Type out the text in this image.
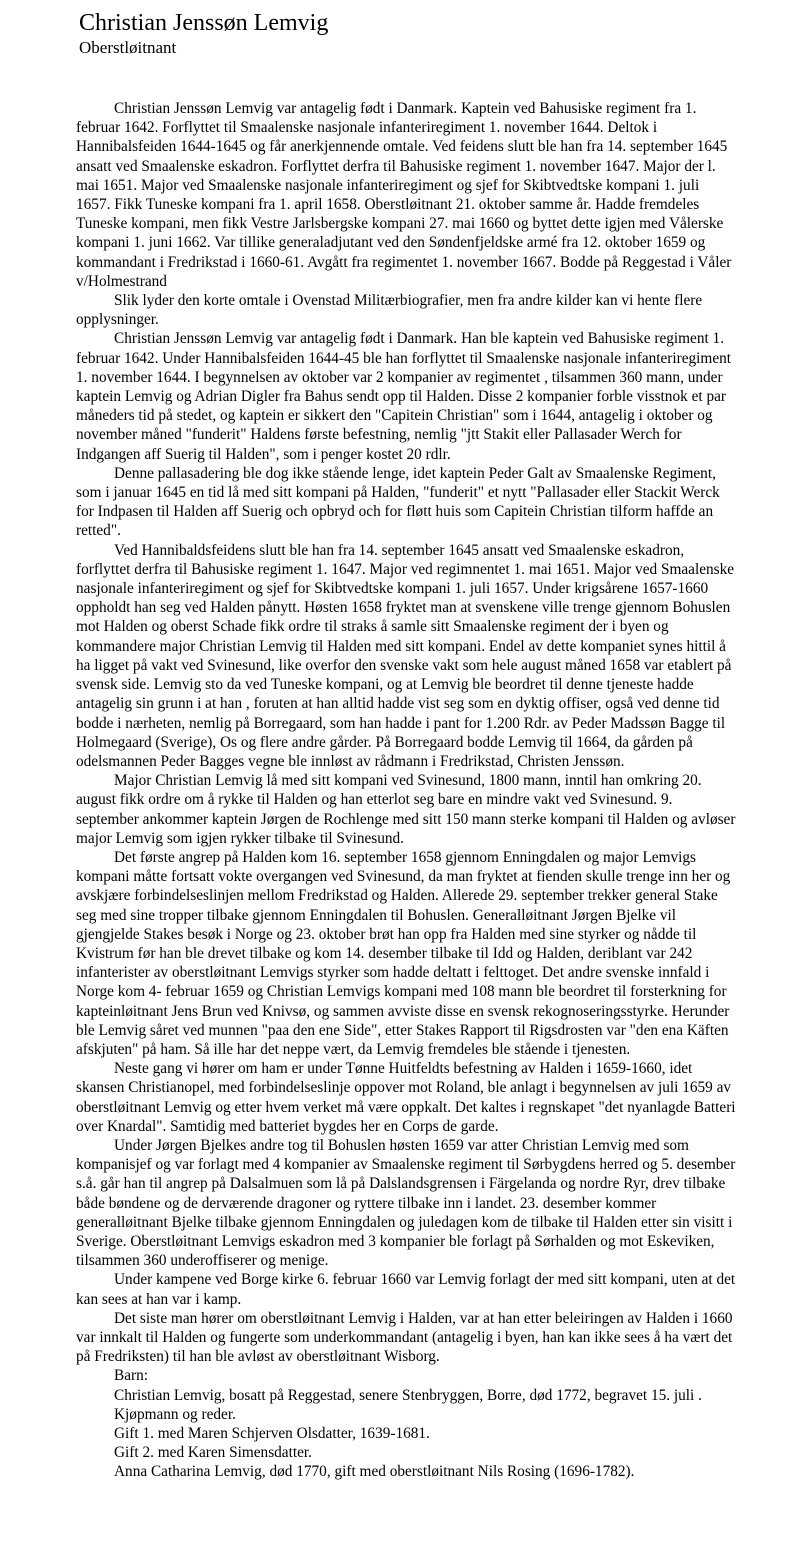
Christian Jenssøn Lemvig
Oberstløitnant

Christian Jenssøn Lemvig var antagelig født i Danmark. Kaptein ved Bahusiske regiment fra 1. februar 1642. Forflyttet til Smaalenske nasjonale infanteriregiment 1. november 1644. Deltok i Hannibalsfeiden 1644-1645 og får anerkjennende omtale. Ved feidens slutt ble han fra 14. september 1645 ansatt ved Smaalenske eskadron. Forflyttet derfra til Bahusiske regiment 1. november 1647. Major der l. mai 1651. Major ved Smaalenske nasjonale infanteriregiment og sjef for Skibtvedtske kompani 1. juli 1657. Fikk Tuneske kompani fra 1. april 1658. Oberstløitnant 21. oktober samme år. Hadde fremdeles Tuneske kompani, men fikk Vestre Jarlsbergske kompani 27. mai 1660 og byttet dette igjen med Vålerske kompani 1. juni 1662. Var tillike generaladjutant ved den Søndenfjeldske armé fra 12. oktober 1659 og kommandant i Fredrikstad i 1660-61. Avgått fra regimentet 1. november 1667. Bodde på Reggestad i Våler v/Holmestrand

Slik lyder den korte omtale i Ovenstad Militærbiografier, men fra andre kilder kan vi hente flere opplysninger.

Christian Jenssøn Lemvig var antagelig født i Danmark. Han ble kaptein ved Bahusiske regiment 1. februar 1642. Under Hannibalsfeiden 1644-45 ble han forflyttet til Smaalenske nasjonale infanteriregiment 1. november 1644. I begynnelsen av oktober var 2 kompanier av regimentet , tilsammen 360 mann, under kaptein Lemvig og Adrian Digler fra Bahus sendt opp til Halden. Disse 2 kompanier forble visstnok et par måneders tid på stedet, og kaptein er sikkert den "Capitein Christian" som i 1644, antagelig i oktober og november måned "funderit" Haldens første befestning, nemlig "jtt Stakit eller Pallasader Werch for Indgangen aff Suerig til Halden", som i penger kostet 20 rdlr.

Denne pallasadering ble dog ikke stående lenge, idet kaptein Peder Galt av Smaalenske Regiment, som i januar 1645 en tid lå med sitt kompani på Halden, "funderit" et nytt "Pallasader eller Stackit Werck for Indpasen til Halden aff Suerig och opbryd och for fløtt huis som Capitein Christian tilform haffde an retted".

Ved Hannibaldsfeidens slutt ble han fra 14. september 1645 ansatt ved Smaalenske eskadron, forflyttet derfra til Bahusiske regiment 1. 1647. Major ved regimnentet 1. mai 1651. Major ved Smaalenske nasjonale infanteriregiment og sjef for Skibtvedtske kompani 1. juli 1657. Under krigsårene 1657-1660 oppholdt han seg ved Halden pånytt. Høsten 1658 fryktet man at svenskene ville trenge gjennom Bohuslen mot Halden og oberst Schade fikk ordre til straks å samle sitt Smaalenske regiment der i byen og kommandere major Christian Lemvig til Halden med sitt kompani. Endel av dette kompaniet synes hittil å ha ligget på vakt ved Svinesund, like overfor den svenske vakt som hele august måned 1658 var etablert på svensk side. Lemvig sto da ved Tuneske kompani, og at Lemvig ble beordret til denne tjeneste hadde antagelig sin grunn i at han , foruten at han alltid hadde vist seg som en dyktig offiser, også ved denne tid bodde i nærheten, nemlig på Borregaard, som han hadde i pant for 1.200 Rdr. av Peder Madssøn Bagge til Holmegaard (Sverige), Os og flere andre gårder. På Borregaard bodde Lemvig til 1664, da gården på odelsmannen Peder Bagges vegne ble innløst av rådmann i Fredrikstad, Christen Jenssøn.

Major Christian Lemvig lå med sitt kompani ved Svinesund, 1800 mann, inntil han omkring 20. august fikk ordre om å rykke til Halden og han etterlot seg bare en mindre vakt ved Svinesund. 9. september ankommer kaptein Jørgen de Rochlenge med sitt 150 mann sterke kompani til Halden og avløser major Lemvig som igjen rykker tilbake til Svinesund.

Det første angrep på Halden kom 16. september 1658 gjennom Enningdalen og major Lemvigs kompani måtte fortsatt vokte overgangen ved Svinesund, da man fryktet at fienden skulle trenge inn her og avskjære forbindelseslinjen mellom Fredrikstad og Halden. Allerede 29. september trekker general Stake seg med sine tropper tilbake gjennom Enningdalen til Bohuslen. Generalløitnant Jørgen Bjelke vil gjengjelde Stakes besøk i Norge og 23. oktober brøt han opp fra Halden med sine styrker og nådde til Kvistrum før han ble drevet tilbake og kom 14. desember tilbake til Idd og Halden, deriblant var 242 infanterister av oberstløitnant Lemvigs styrker som hadde deltatt i felttoget. Det andre svenske innfald i Norge kom 4- februar 1659 og Christian Lemvigs kompani med 108 mann ble beordret til forsterkning for kapteinløitnant Jens Brun ved Knivsø, og sammen avviste disse en svensk rekognoseringsstyrke. Herunder ble Lemvig såret ved munnen "paa den ene Side", etter Stakes Rapport til Rigsdrosten var "den ena Käften afskjuten" på ham. Så ille har det neppe vært, da Lemvig fremdeles ble stående i tjenesten.

Neste gang vi hører om ham er under Tønne Huitfeldts befestning av Halden i 1659-1660, idet skansen Christianopel, med forbindelseslinje oppover mot Roland, ble anlagt i begynnelsen av juli 1659 av oberstløitnant Lemvig og etter hvem verket må være oppkalt. Det kaltes i regnskapet "det nyanlagde Batteri over Knardal". Samtidig med batteriet bygdes her en Corps de garde.

Under Jørgen Bjelkes andre tog til Bohuslen høsten 1659 var atter Christian Lemvig med som kompanisjef og var forlagt med 4 kompanier av Smaalenske regiment til Sørbygdens herred og 5. desember s.å. går han til angrep på Dalsalmuen som lå på Dalslandsgrensen i Färgelanda og nordre Ryr, drev tilbake både bøndene og de derværende dragoner og ryttere tilbake inn i landet. 23. desember kommer generalløitnant Bjelke tilbake gjennom Enningdalen og juledagen kom de tilbake til Halden etter sin visitt i Sverige. Oberstløitnant Lemvigs eskadron med 3 kompanier ble forlagt på Sørhalden og mot Eskeviken, tilsammen 360 underoffiserer og menige.

Under kampene ved Borge kirke 6. februar 1660 var Lemvig forlagt der med sitt kompani, uten at det kan sees at han var i kamp.

Det siste man hører om oberstløitnant Lemvig i Halden, var at han etter beleiringen av Halden i 1660 var innkalt til Halden og fungerte som underkommandant (antagelig i byen, han kan ikke sees å ha vært det på Fredriksten) til han ble avløst av oberstløitnant Wisborg.

Barn:
Christian Lemvig, bosatt på Reggestad, senere Stenbryggen, Borre, død 1772, begravet 15. juli . Kjøpmann og reder.
Gift 1. med Maren Schjerven Olsdatter, 1639-1681.
Gift 2. med Karen Simensdatter.
Anna Catharina Lemvig, død 1770, gift med oberstløitnant Nils Rosing (1696-1782).
